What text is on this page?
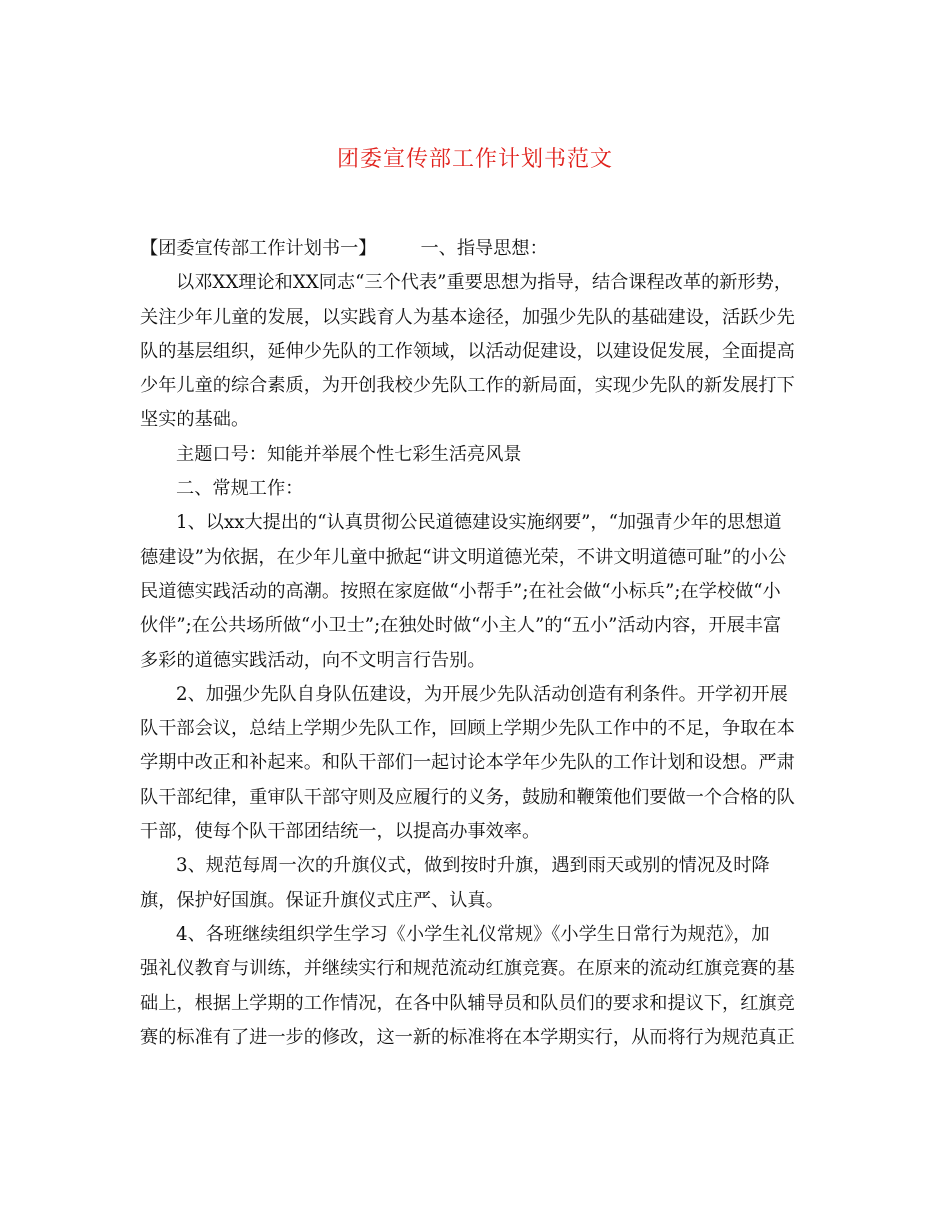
团委宣传部工作计划书范文
【团委宣传部工作计划书一】 一、指导思想：
以邓XX理论和XX同志“三个代表”重要思想为指导，结合课程改革的新形势，
关注少年儿童的发展，以实践育人为基本途径，加强少先队的基础建设，活跃少先
队的基层组织，延伸少先队的工作领域，以活动促建设，以建设促发展，全面提高
少年儿童的综合素质，为开创我校少先队工作的新局面，实现少先队的新发展打下
坚实的基础。
主题口号：知能并举展个性七彩生活亮风景
二、常规工作：
1、以xx大提出的“认真贯彻公民道德建设实施纲要”，“加强青少年的思想道
德建设”为依据，在少年儿童中掀起“讲文明道德光荣，不讲文明道德可耻”的小公
民道德实践活动的高潮。按照在家庭做“小帮手”;在社会做“小标兵”;在学校做“小
伙伴”;在公共场所做“小卫士”;在独处时做“小主人”的“五小”活动内容，开展丰富
多彩的道德实践活动，向不文明言行告别。
2、加强少先队自身队伍建设，为开展少先队活动创造有利条件。开学初开展
队干部会议，总结上学期少先队工作，回顾上学期少先队工作中的不足，争取在本
学期中改正和补起来。和队干部们一起讨论本学年少先队的工作计划和设想。严肃
队干部纪律，重审队干部守则及应履行的义务，鼓励和鞭策他们要做一个合格的队
干部，使每个队干部团结统一，以提高办事效率。
3、规范每周一次的升旗仪式，做到按时升旗，遇到雨天或别的情况及时降
旗，保护好国旗。保证升旗仪式庄严、认真。
4、各班继续组织学生学习《小学生礼仪常规》《小学生日常行为规范》，加
强礼仪教育与训练，并继续实行和规范流动红旗竞赛。在原来的流动红旗竞赛的基
础上，根据上学期的工作情况，在各中队辅导员和队员们的要求和提议下，红旗竞
赛的标准有了进一步的修改，这一新的标准将在本学期实行，从而将行为规范真正
